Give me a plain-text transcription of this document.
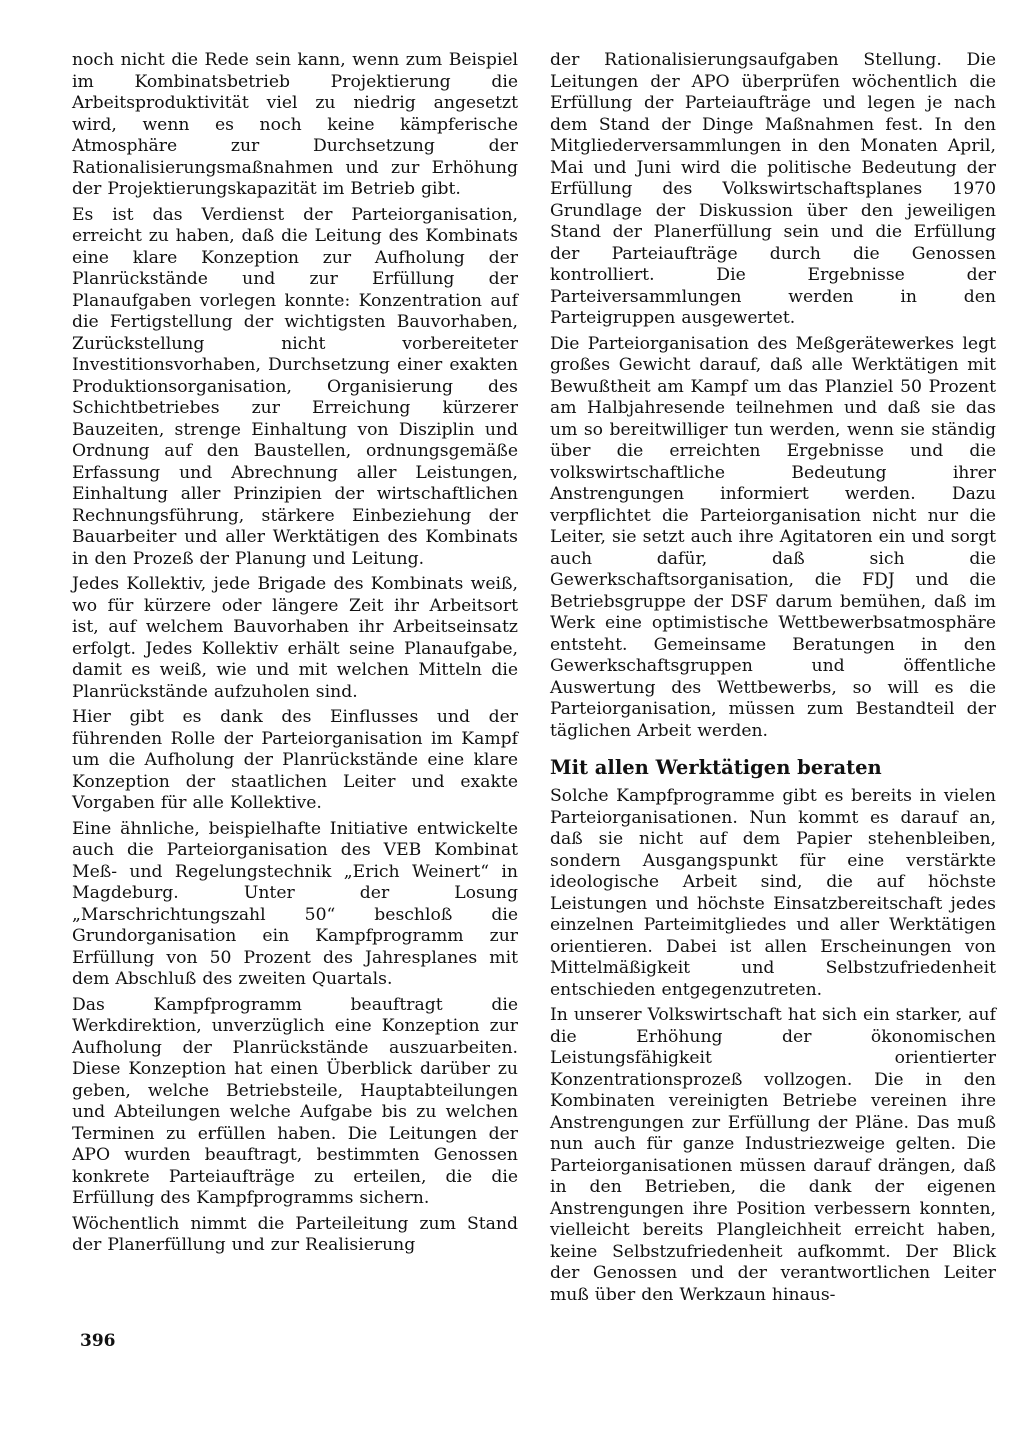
noch nicht die Rede sein kann, wenn zum Beispiel im Kombinatsbetrieb Projektierung die Arbeitsproduktivität viel zu niedrig angesetzt wird, wenn es noch keine kämpferische Atmosphäre zur Durchsetzung der Rationalisierungsmaßnahmen und zur Erhöhung der Projektierungskapazität im Betrieb gibt.

Es ist das Verdienst der Parteiorganisation, erreicht zu haben, daß die Leitung des Kombinats eine klare Konzeption zur Aufholung der Planrückstände und zur Erfüllung der Planaufgaben vorlegen konnte: Konzentration auf die Fertigstellung der wichtigsten Bauvorhaben, Zurückstellung nicht vorbereiteter Investitionsvorhaben, Durchsetzung einer exakten Produktionsorganisation, Organisierung des Schichtbetriebes zur Erreichung kürzerer Bauzeiten, strenge Einhaltung von Disziplin und Ordnung auf den Baustellen, ordnungsgemäße Erfassung und Abrechnung aller Leistungen, Einhaltung aller Prinzipien der wirtschaftlichen Rechnungsführung, stärkere Einbeziehung der Bauarbeiter und aller Werktätigen des Kombinats in den Prozeß der Planung und Leitung.

Jedes Kollektiv, jede Brigade des Kombinats weiß, wo für kürzere oder längere Zeit ihr Arbeitsort ist, auf welchem Bauvorhaben ihr Arbeitseinsatz erfolgt. Jedes Kollektiv erhält seine Planaufgabe, damit es weiß, wie und mit welchen Mitteln die Planrückstände aufzuholen sind.

Hier gibt es dank des Einflusses und der führenden Rolle der Parteiorganisation im Kampf um die Aufholung der Planrückstände eine klare Konzeption der staatlichen Leiter und exakte Vorgaben für alle Kollektive.

Eine ähnliche, beispielhafte Initiative entwickelte auch die Parteiorganisation des VEB Kombinat Meß- und Regelungstechnik „Erich Weinert“ in Magdeburg. Unter der Losung „Marschrichtungszahl 50“ beschloß die Grundorganisation ein Kampfprogramm zur Erfüllung von 50 Prozent des Jahresplanes mit dem Abschluß des zweiten Quartals.

Das Kampfprogramm beauftragt die Werkdirektion, unverzüglich eine Konzeption zur Aufholung der Planrückstände auszuarbeiten. Diese Konzeption hat einen Überblick darüber zu geben, welche Betriebsteile, Hauptabteilungen und Abteilungen welche Aufgabe bis zu welchen Terminen zu erfüllen haben. Die Leitungen der APO wurden beauftragt, bestimmten Genossen konkrete Parteiaufträge zu erteilen, die die Erfüllung des Kampfprogramms sichern.

Wöchentlich nimmt die Parteileitung zum Stand der Planerfüllung und zur Realisierung

der Rationalisierungsaufgaben Stellung. Die Leitungen der APO überprüfen wöchentlich die Erfüllung der Parteiaufträge und legen je nach dem Stand der Dinge Maßnahmen fest. In den Mitgliederversammlungen in den Monaten April, Mai und Juni wird die politische Bedeutung der Erfüllung des Volkswirtschaftsplanes 1970 Grundlage der Diskussion über den jeweiligen Stand der Planerfüllung sein und die Erfüllung der Parteiaufträge durch die Genossen kontrolliert. Die Ergebnisse der Parteiversammlungen werden in den Parteigruppen ausgewertet.

Die Parteiorganisation des Meßgerätewerkes legt großes Gewicht darauf, daß alle Werktätigen mit Bewußtheit am Kampf um das Planziel 50 Prozent am Halbjahresende teilnehmen und daß sie das um so bereitwilliger tun werden, wenn sie ständig über die erreichten Ergebnisse und die volkswirtschaftliche Bedeutung ihrer Anstrengungen informiert werden. Dazu verpflichtet die Parteiorganisation nicht nur die Leiter, sie setzt auch ihre Agitatoren ein und sorgt auch dafür, daß sich die Gewerkschaftsorganisation, die FDJ und die Betriebsgruppe der DSF darum bemühen, daß im Werk eine optimistische Wettbewerbsatmosphäre entsteht. Gemeinsame Beratungen in den Gewerkschaftsgruppen und öffentliche Auswertung des Wettbewerbs, so will es die Parteiorganisation, müssen zum Bestandteil der täglichen Arbeit werden.

Mit allen Werktätigen beraten

Solche Kampfprogramme gibt es bereits in vielen Parteiorganisationen. Nun kommt es darauf an, daß sie nicht auf dem Papier stehenbleiben, sondern Ausgangspunkt für eine verstärkte ideologische Arbeit sind, die auf höchste Leistungen und höchste Einsatzbereitschaft jedes einzelnen Parteimitgliedes und aller Werktätigen orientieren. Dabei ist allen Erscheinungen von Mittelmäßigkeit und Selbstzufriedenheit entschieden entgegenzutreten.

In unserer Volkswirtschaft hat sich ein starker, auf die Erhöhung der ökonomischen Leistungsfähigkeit orientierter Konzentrationsprozeß vollzogen. Die in den Kombinaten vereinigten Betriebe vereinen ihre Anstrengungen zur Erfüllung der Pläne. Das muß nun auch für ganze Industriezweige gelten. Die Parteiorganisationen müssen darauf drängen, daß in den Betrieben, die dank der eigenen Anstrengungen ihre Position verbessern konnten, vielleicht bereits Plangleichheit erreicht haben, keine Selbstzufriedenheit aufkommt. Der Blick der Genossen und der verantwortlichen Leiter muß über den Werkzaun hinaus-

396
